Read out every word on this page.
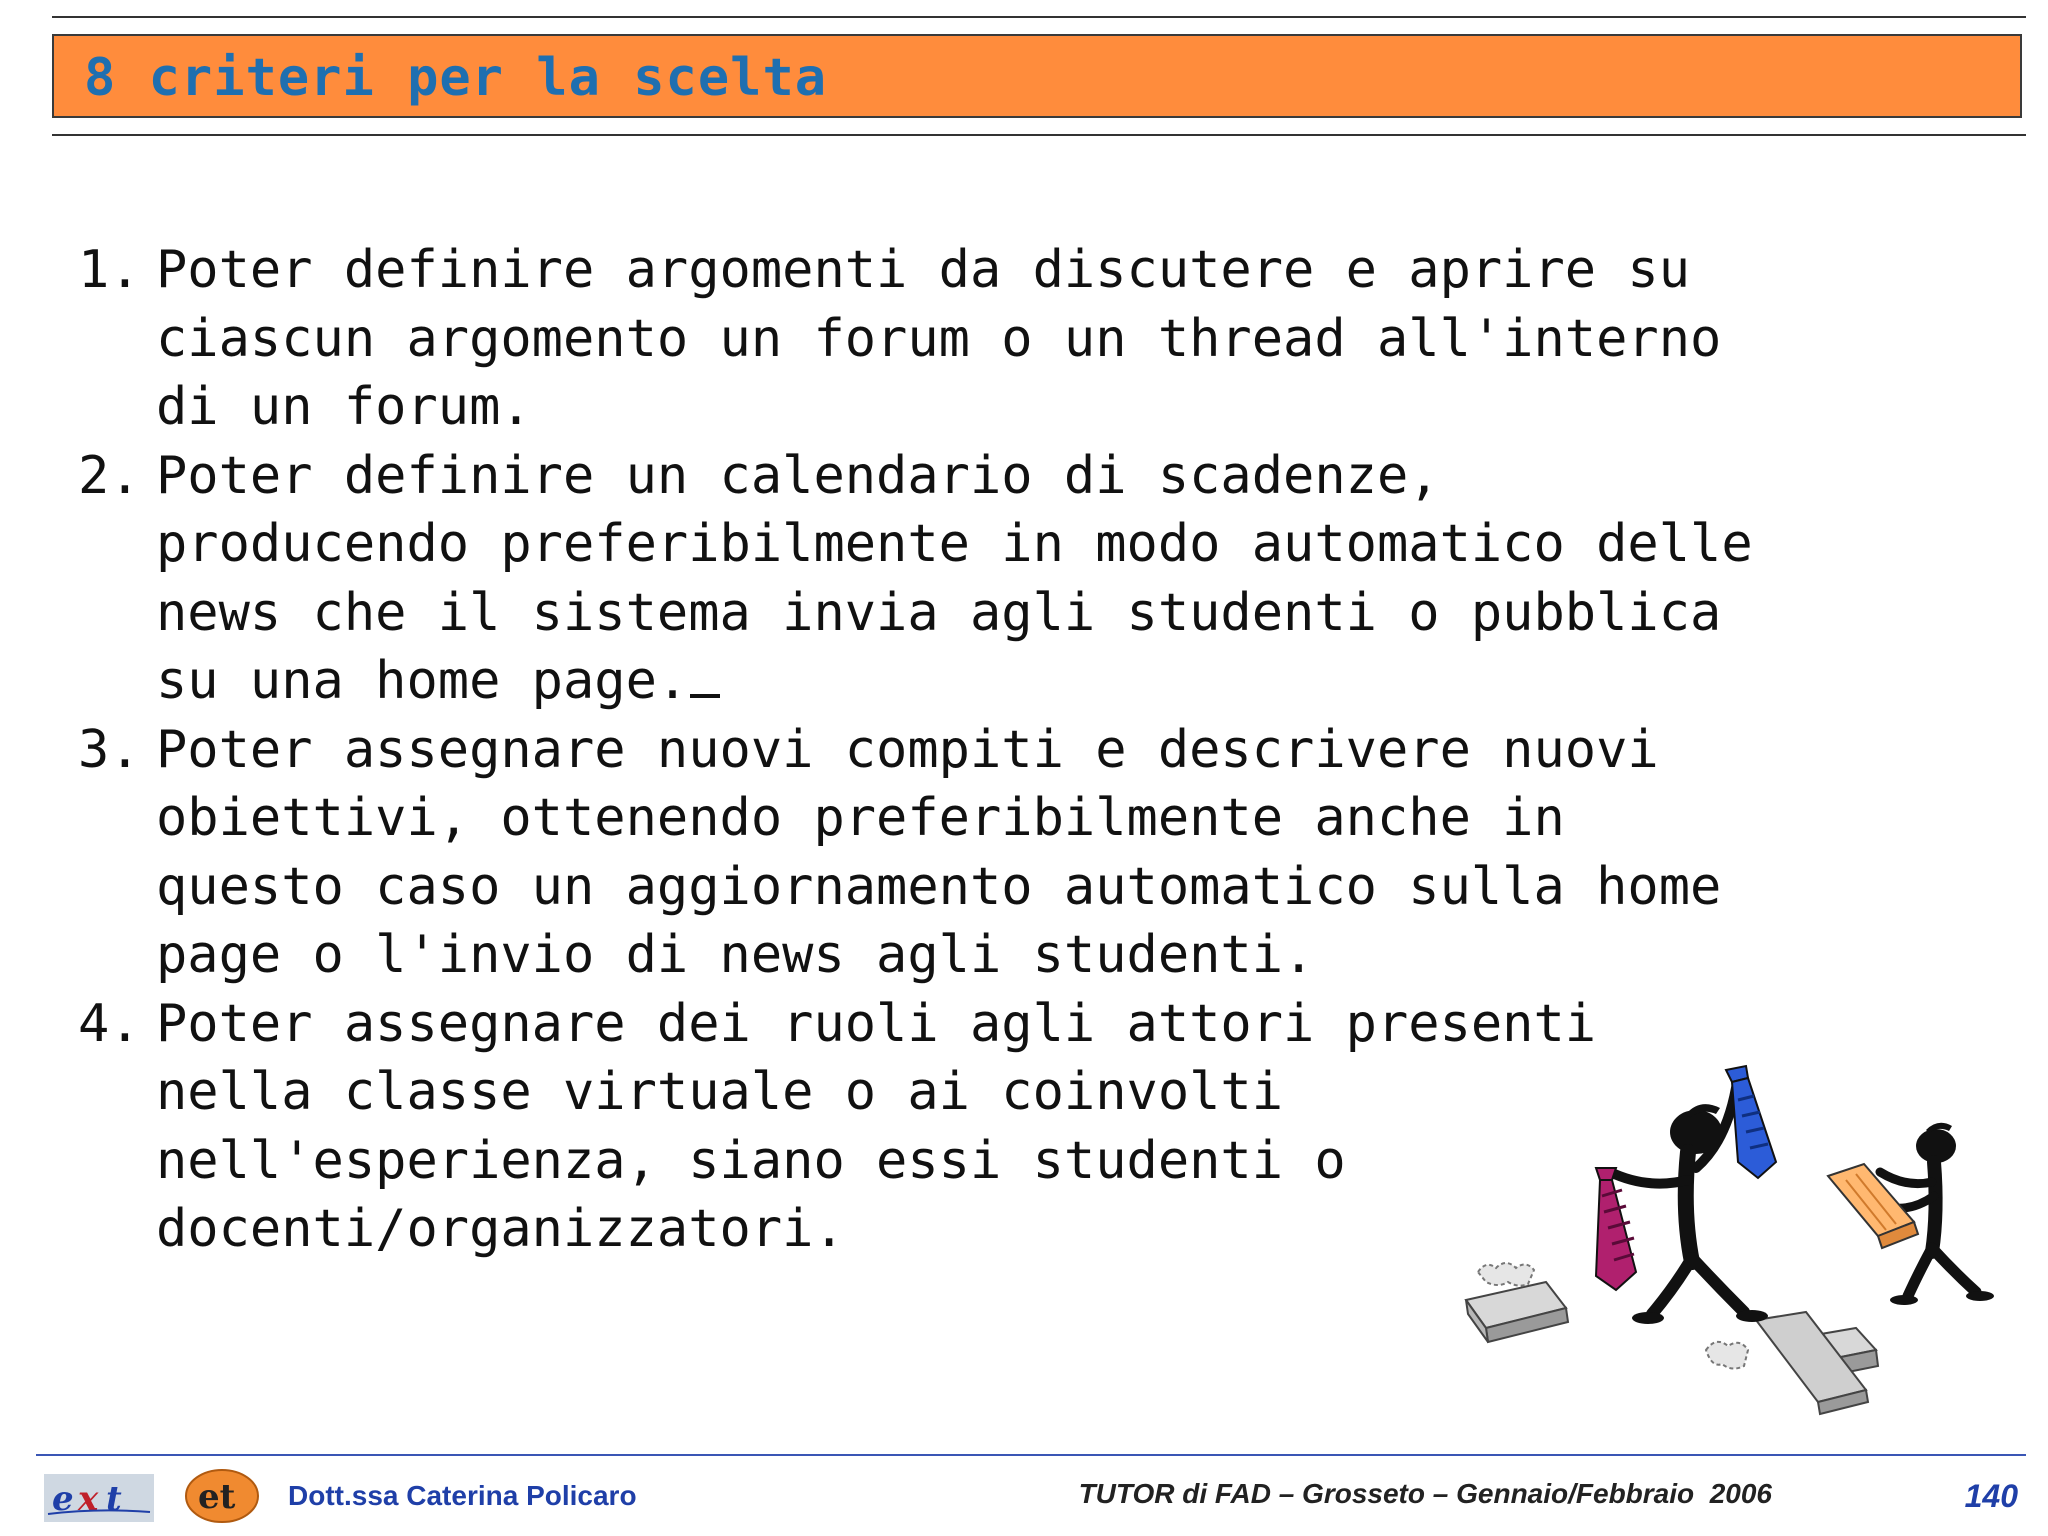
8 criteri per la scelta
1. Poter definire argomenti da discutere e aprire su
ciascun argomento un forum o un thread all'interno
di un forum.
2. Poter definire un calendario di scadenze,
producendo preferibilmente in modo automatico delle
news che il sistema invia agli studenti o pubblica
su una home page.
3. Poter assegnare nuovi compiti e descrivere nuovi
obiettivi, ottenendo preferibilmente anche in
questo caso un aggiornamento automatico sulla home
page o l'invio di news agli studenti.
4. Poter assegnare dei ruoli agli attori presenti
nella classe virtuale o ai coinvolti
nell'esperienza, siano essi studenti o
docenti/organizzatori.
e x t et Dott.ssa Caterina Policaro	TUTOR di FAD – Grosseto – Gennaio/Febbraio  2006	140
